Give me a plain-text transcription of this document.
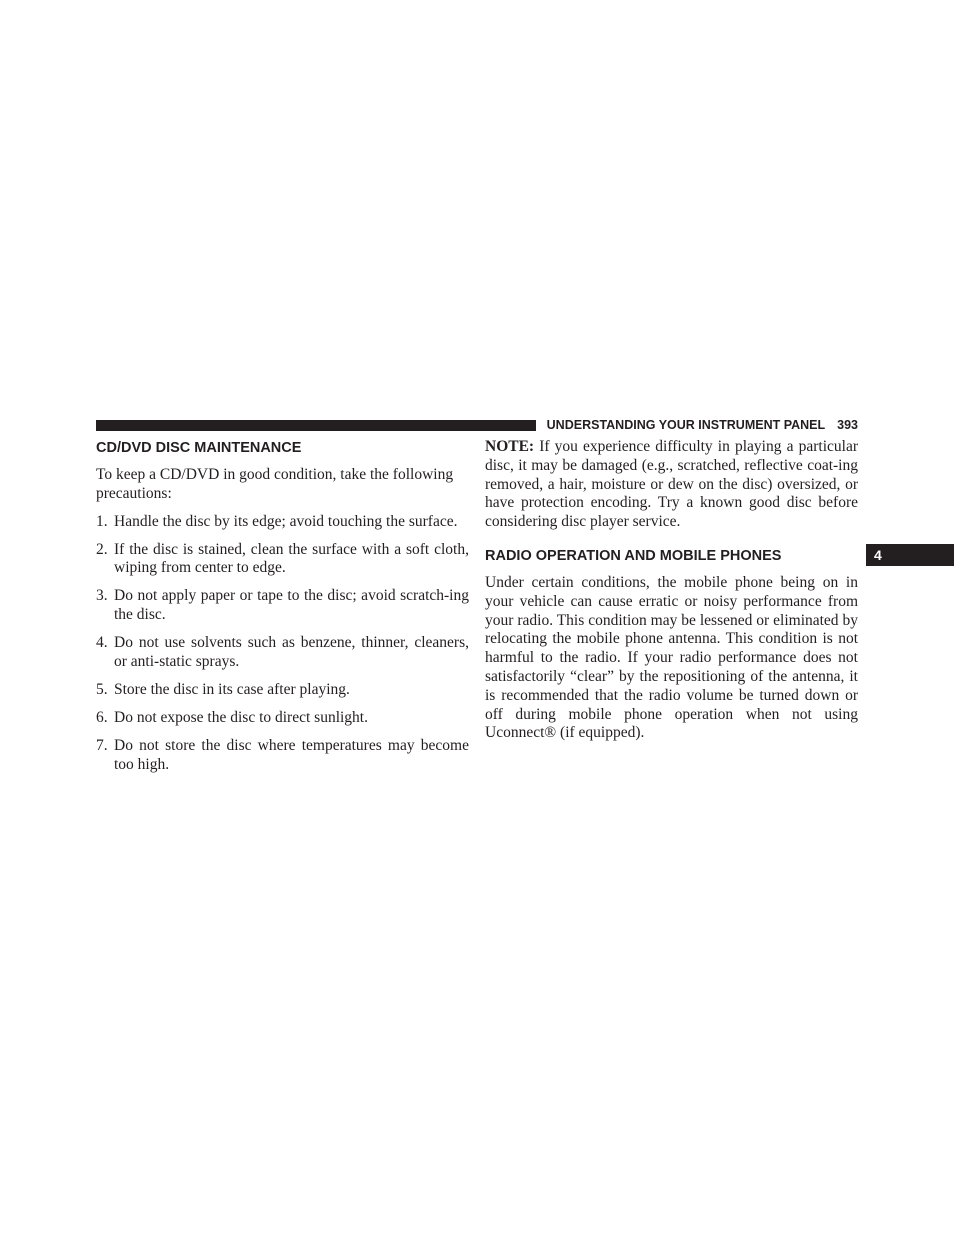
UNDERSTANDING YOUR INSTRUMENT PANEL 393
4
CD/DVD DISC MAINTENANCE

To keep a CD/DVD in good condition, take the following precautions:

1. Handle the disc by its edge; avoid touching the surface.
2. If the disc is stained, clean the surface with a soft cloth, wiping from center to edge.
3. Do not apply paper or tape to the disc; avoid scratch-ing the disc.
4. Do not use solvents such as benzene, thinner, cleaners, or anti-static sprays.
5. Store the disc in its case after playing.
6. Do not expose the disc to direct sunlight.
7. Do not store the disc where temperatures may become too high.

NOTE: If you experience difficulty in playing a particular disc, it may be damaged (e.g., scratched, reflective coat-ing removed, a hair, moisture or dew on the disc) oversized, or have protection encoding. Try a known good disc before considering disc player service.

RADIO OPERATION AND MOBILE PHONES

Under certain conditions, the mobile phone being on in your vehicle can cause erratic or noisy performance from your radio. This condition may be lessened or eliminated by relocating the mobile phone antenna. This condition is not harmful to the radio. If your radio performance does not satisfactorily “clear” by the repositioning of the antenna, it is recommended that the radio volume be turned down or off during mobile phone operation when not using Uconnect® (if equipped).
